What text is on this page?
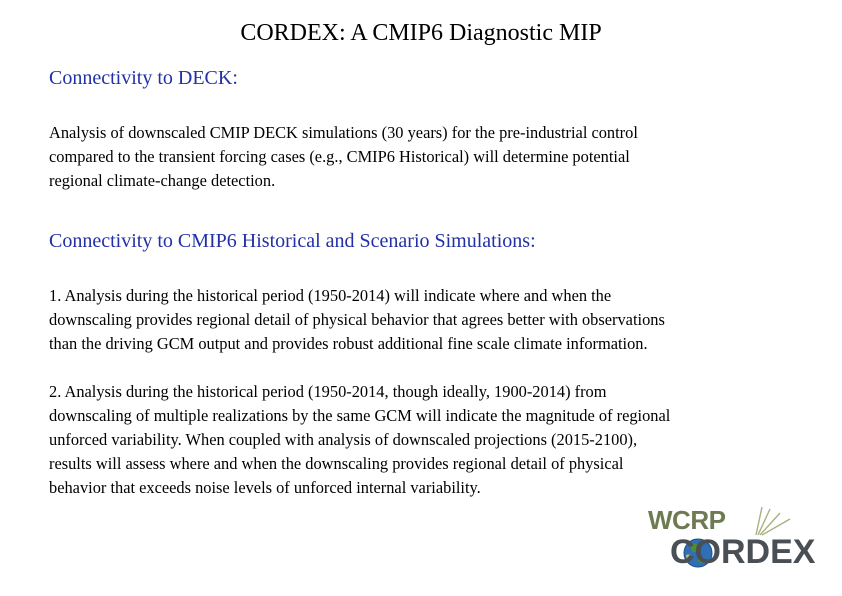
CORDEX: A CMIP6 Diagnostic MIP
Connectivity to DECK:
Analysis of downscaled CMIP DECK simulations (30 years) for the pre-industrial control
compared to the transient forcing cases (e.g., CMIP6 Historical) will determine potential
regional climate-change detection.
Connectivity to CMIP6 Historical and Scenario Simulations:
1. Analysis during the historical period (1950-2014) will indicate where and when the
downscaling provides regional detail of physical behavior that agrees better with observations
than the driving GCM output and provides robust additional fine scale climate information.
2. Analysis during the historical period (1950-2014, though ideally, 1900-2014) from
downscaling of multiple realizations by the same GCM will indicate the magnitude of regional
unforced variability. When coupled with analysis of downscaled projections (2015-2100),
results will assess where and when the downscaling provides regional detail of physical
behavior that exceeds noise levels of unforced internal variability.
WCRP
CORDEX
